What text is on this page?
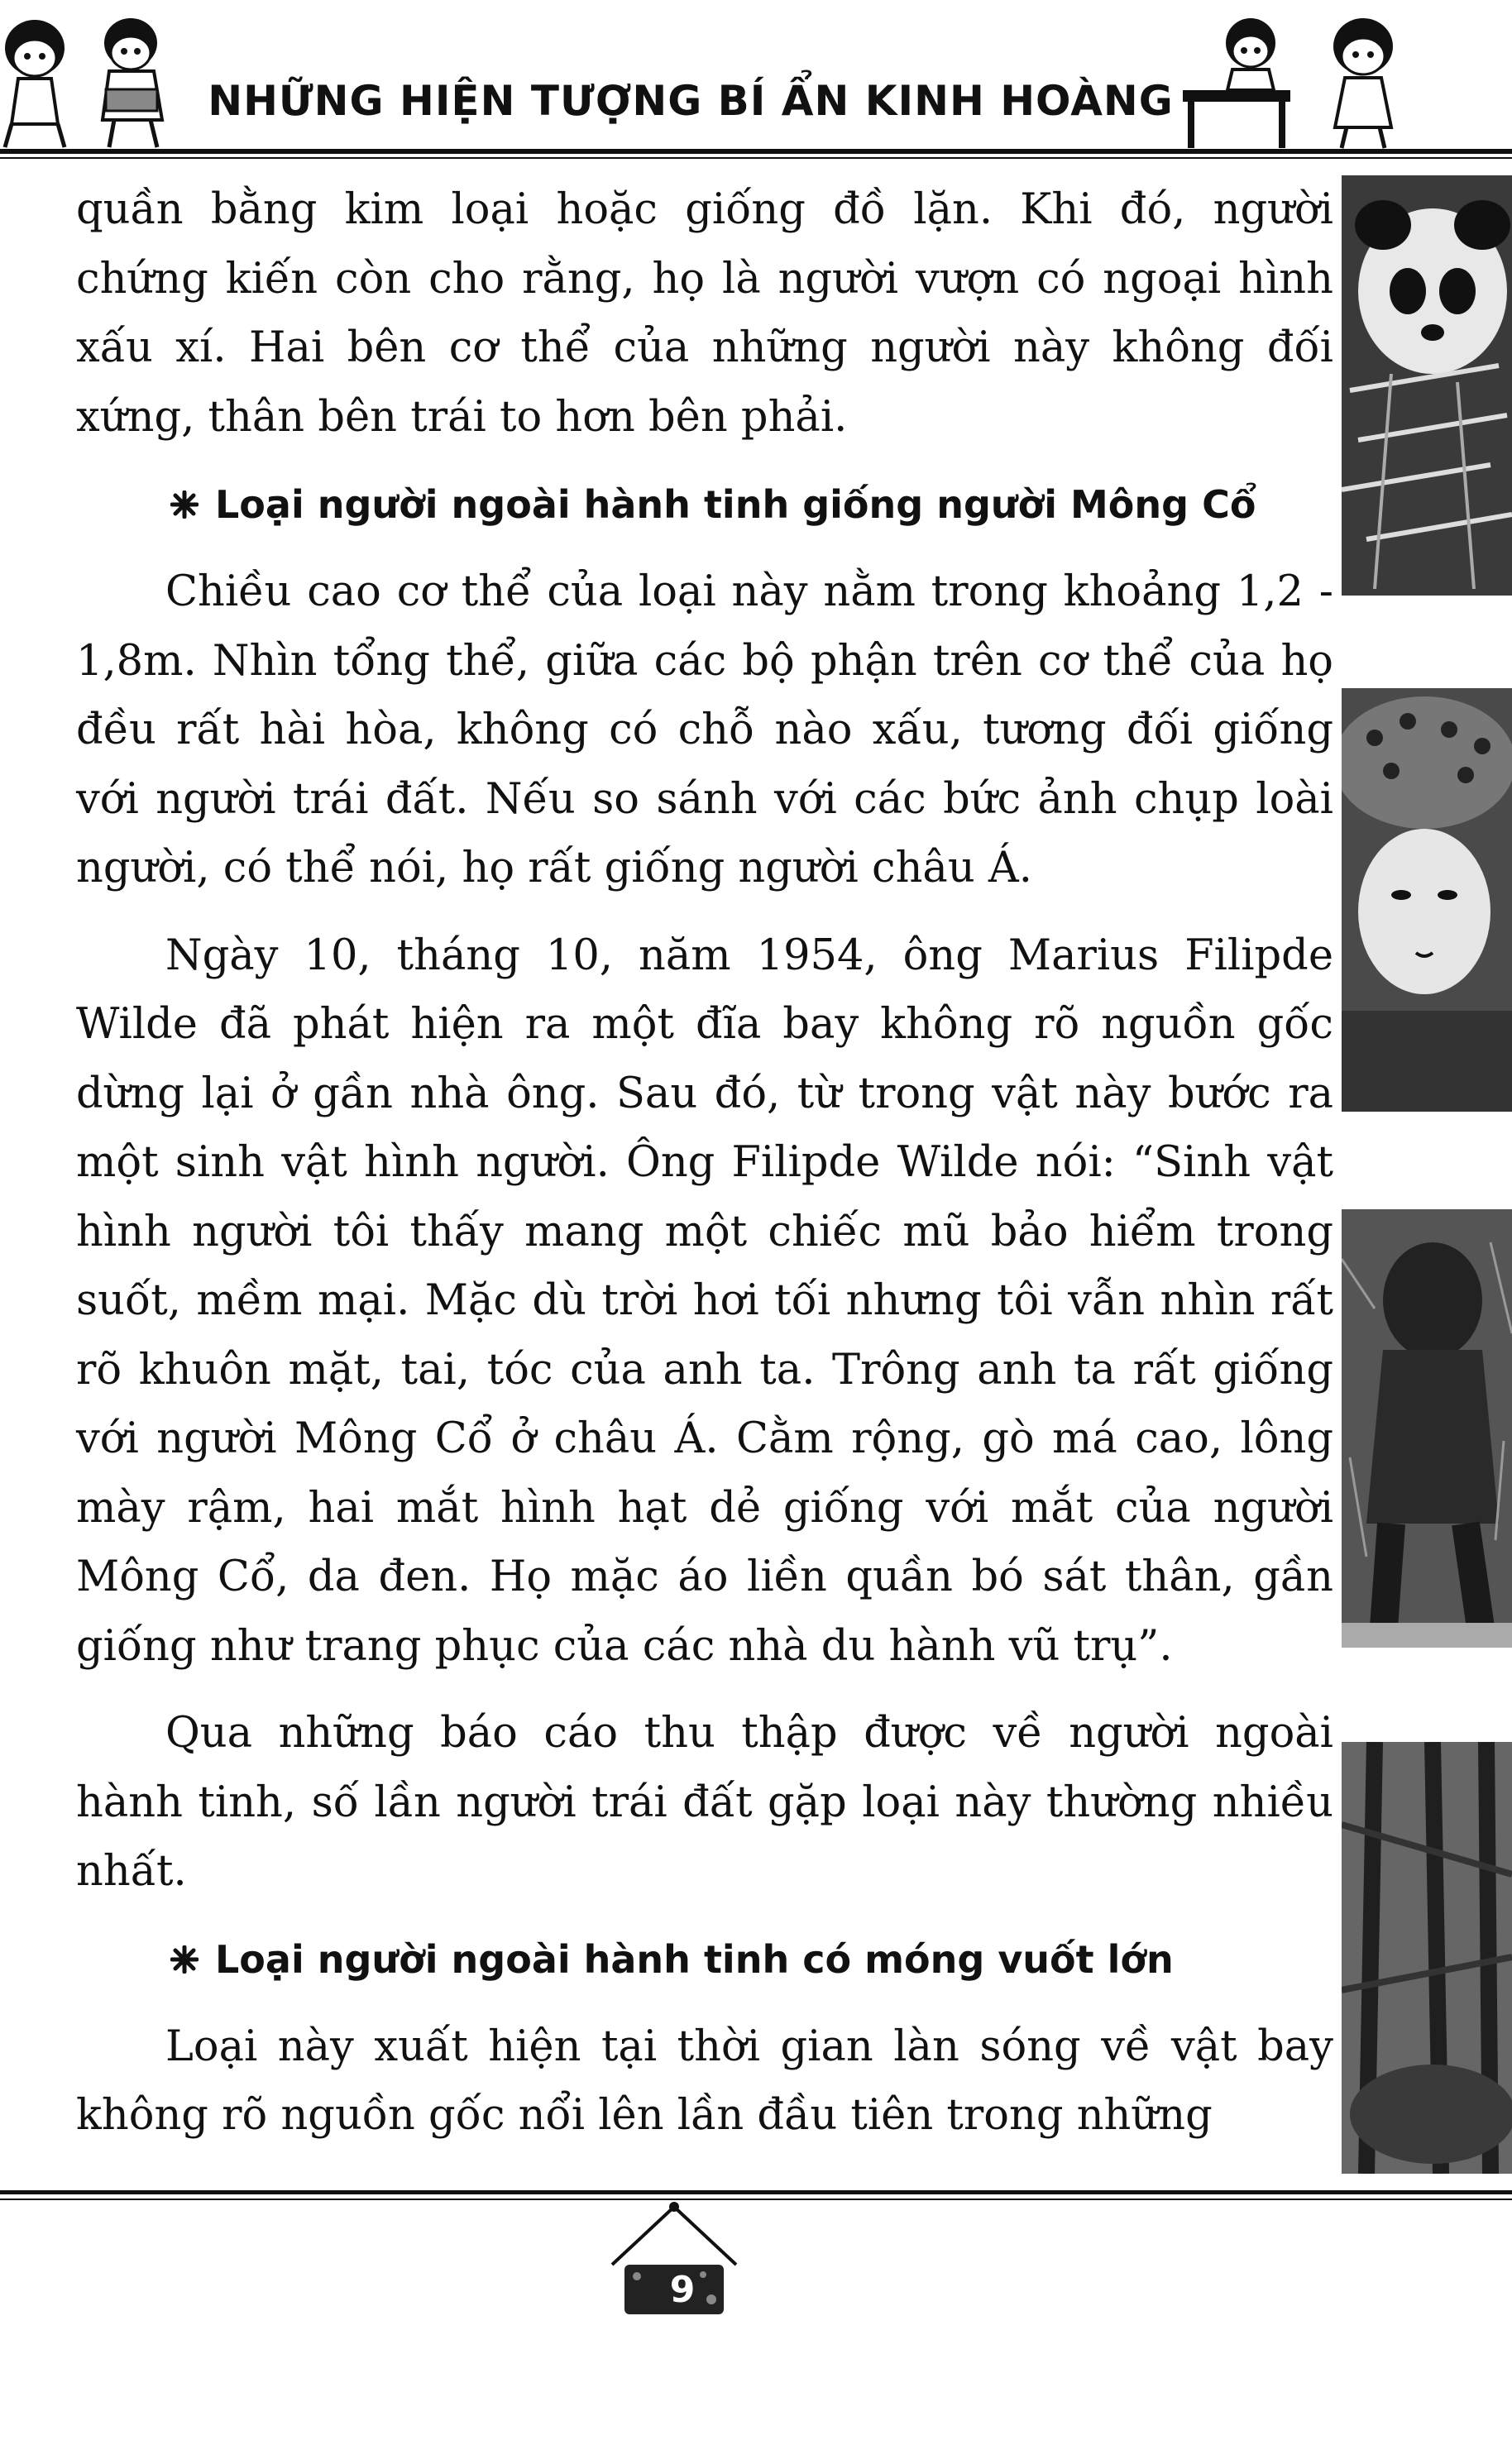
NHỮNG HIỆN TƯỢNG BÍ ẨN KINH HOÀNG

quần bằng kim loại hoặc giống đồ lặn. Khi đó, người chứng kiến còn cho rằng, họ là người vượn có ngoại hình xấu xí. Hai bên cơ thể của những người này không đối xứng, thân bên trái to hơn bên phải.

Loại người ngoài hành tinh giống người Mông Cổ

Chiều cao cơ thể của loại này nằm trong khoảng 1,2 - 1,8m. Nhìn tổng thể, giữa các bộ phận trên cơ thể của họ đều rất hài hòa, không có chỗ nào xấu, tương đối giống với người trái đất. Nếu so sánh với các bức ảnh chụp loài người, có thể nói, họ rất giống người châu Á.

Ngày 10, tháng 10, năm 1954, ông Marius Filipde Wilde đã phát hiện ra một đĩa bay không rõ nguồn gốc dừng lại ở gần nhà ông. Sau đó, từ trong vật này bước ra một sinh vật hình người. Ông Filipde Wilde nói: “Sinh vật hình người tôi thấy mang một chiếc mũ bảo hiểm trong suốt, mềm mại. Mặc dù trời hơi tối nhưng tôi vẫn nhìn rất rõ khuôn mặt, tai, tóc của anh ta. Trông anh ta rất giống với người Mông Cổ ở châu Á. Cằm rộng, gò má cao, lông mày rậm, hai mắt hình hạt dẻ giống với mắt của người Mông Cổ, da đen. Họ mặc áo liền quần bó sát thân, gần giống như trang phục của các nhà du hành vũ trụ”.

Qua những báo cáo thu thập được về người ngoài hành tinh, số lần người trái đất gặp loại này thường nhiều nhất.

Loại người ngoài hành tinh có móng vuốt lớn

Loại này xuất hiện tại thời gian làn sóng về vật bay không rõ nguồn gốc nổi lên lần đầu tiên trong những

9
